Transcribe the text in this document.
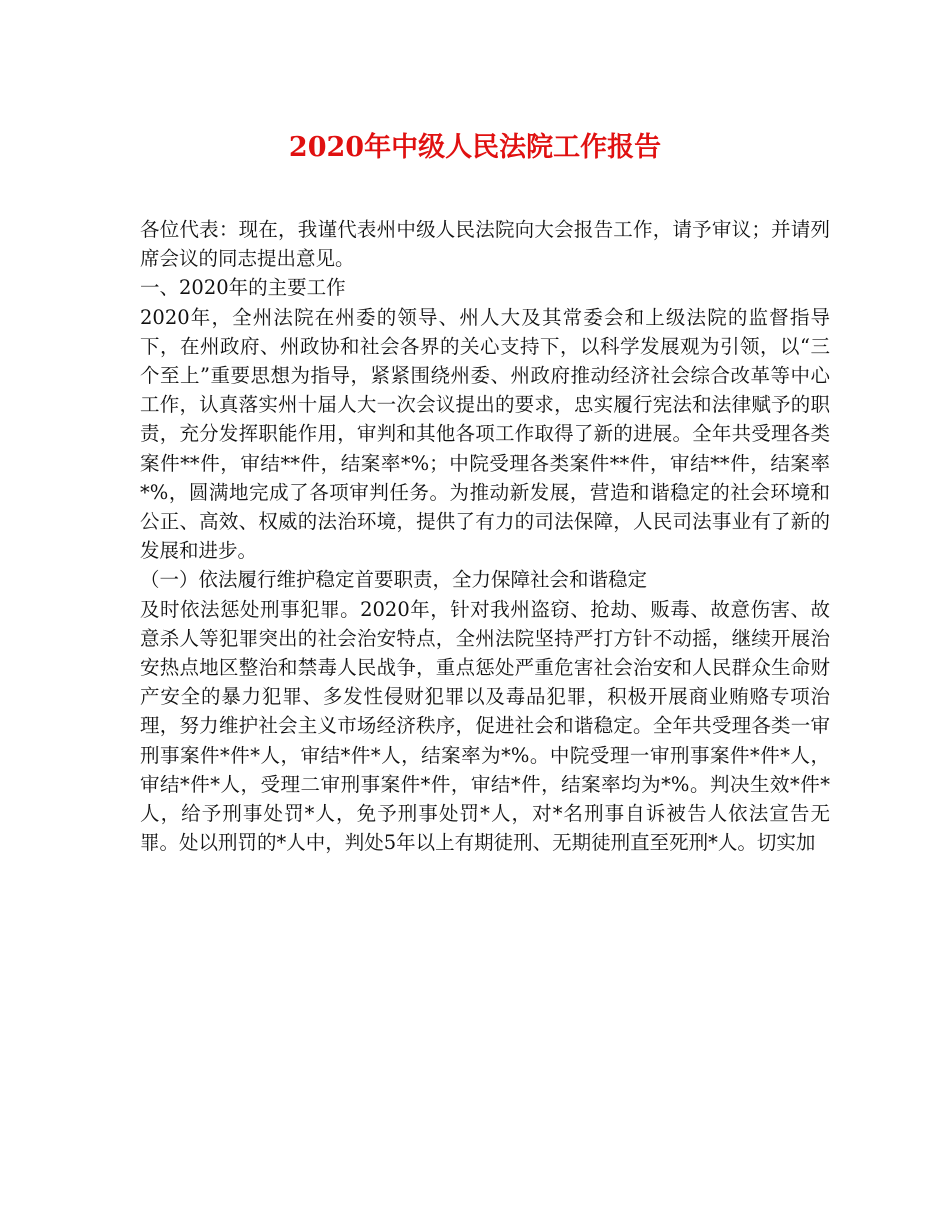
2020年中级人民法院工作报告

各位代表：现在，我谨代表州中级人民法院向大会报告工作，请予审议；并请列席会议的同志提出意见。

一、2020年的主要工作

2020年，全州法院在州委的领导、州人大及其常委会和上级法院的监督指导下，在州政府、州政协和社会各界的关心支持下，以科学发展观为引领，以“三个至上”重要思想为指导，紧紧围绕州委、州政府推动经济社会综合改革等中心工作，认真落实州十届人大一次会议提出的要求，忠实履行宪法和法律赋予的职责，充分发挥职能作用，审判和其他各项工作取得了新的进展。全年共受理各类案件**件，审结**件，结案率*%；中院受理各类案件**件，审结**件，结案率*%，圆满地完成了各项审判任务。为推动新发展，营造和谐稳定的社会环境和公正、高效、权威的法治环境，提供了有力的司法保障，人民司法事业有了新的发展和进步。

（一）依法履行维护稳定首要职责，全力保障社会和谐稳定

及时依法惩处刑事犯罪。2020年，针对我州盗窃、抢劫、贩毒、故意伤害、故意杀人等犯罪突出的社会治安特点，全州法院坚持严打方针不动摇，继续开展治安热点地区整治和禁毒人民战争，重点惩处严重危害社会治安和人民群众生命财产安全的暴力犯罪、多发性侵财犯罪以及毒品犯罪，积极开展商业贿赂专项治理，努力维护社会主义市场经济秩序，促进社会和谐稳定。全年共受理各类一审刑事案件*件*人，审结*件*人，结案率为*%。中院受理一审刑事案件*件*人，审结*件*人，受理二审刑事案件*件，审结*件，结案率均为*%。判决生效*件*人，给予刑事处罚*人，免予刑事处罚*人，对*名刑事自诉被告人依法宣告无罪。处以刑罚的*人中，判处5年以上有期徒刑、无期徒刑直至死刑*人。切实加
